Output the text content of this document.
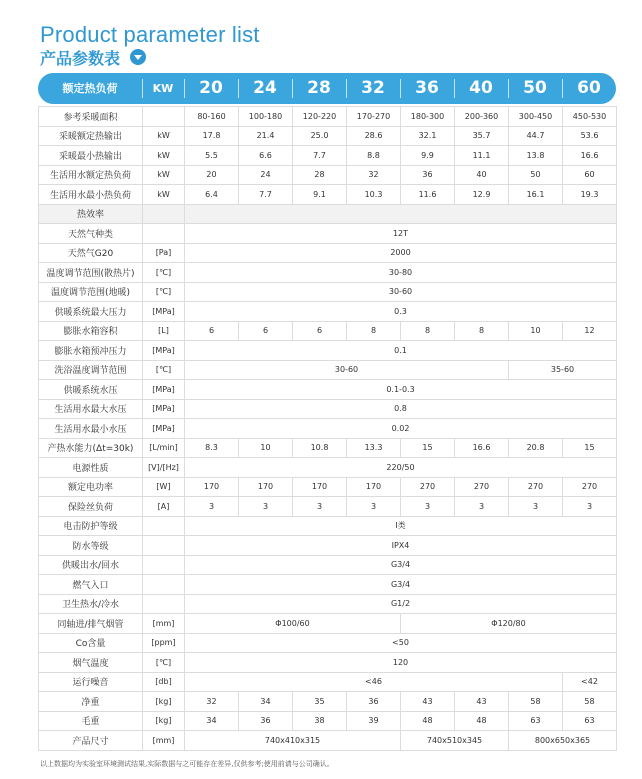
Product parameter list
产品参数表
额定热负荷	KW	20	24	28	32	36	40	50	60
参考采暖面积		80-160	100-180	120-220	170-270	180-300	200-360	300-450	450-530
采暖额定热输出	kW	17.8	21.4	25.0	28.6	32.1	35.7	44.7	53.6
采暖最小热输出	kW	5.5	6.6	7.7	8.8	9.9	11.1	13.8	16.6
生活用水额定热负荷	kW	20	24	28	32	36	40	50	60
生活用水最小热负荷	kW	6.4	7.7	9.1	10.3	11.6	12.9	16.1	19.3
热效率									
天然气种类		12T							
天然气G20	[Pa]	2000							
温度调节范围(散热片)	[℃]	30-80							
温度调节范围(地暖)	[℃]	30-60							
供暖系统最大压力	[MPa]	0.3							
膨胀水箱容积	[L]	6	6	6	8	8	8	10	12
膨胀水箱预冲压力	[MPa]	0.1							
洗浴温度调节范围	[℃]	30-60						35-60	
供暖系统水压	[MPa]	0.1-0.3							
生活用水最大水压	[MPa]	0.8							
生活用水最小水压	[MPa]	0.02							
产热水能力(Δt=30k)	[L/min]	8.3	10	10.8	13.3	15	16.6	20.8	15
电源性质	[V]/[Hz]	220/50							
额定电功率	[W]	170	170	170	170	270	270	270	270
保险丝负荷	[A]	3	3	3	3	3	3	3	3
电击防护等级		I类							
防水等级		IPX4							
供暖出水/回水		G3/4							
燃气入口		G3/4							
卫生热水/冷水		G1/2							
同轴进/排气烟管	[mm]	Φ100/60				Φ120/80			
Co含量	[ppm]	<50							
烟气温度	[℃]	120							
运行噪音	[db]	<46							<42
净重	[kg]	32	34	35	36	43	43	58	58
毛重	[kg]	34	36	38	39	48	48	63	63
产品尺寸	[mm]	740x410x315				740x510x345		800x650x365	
以上数据均为实验室环境测试结果,实际数据与之可能存在差异,仅供参考;使用前请与公司确认。
